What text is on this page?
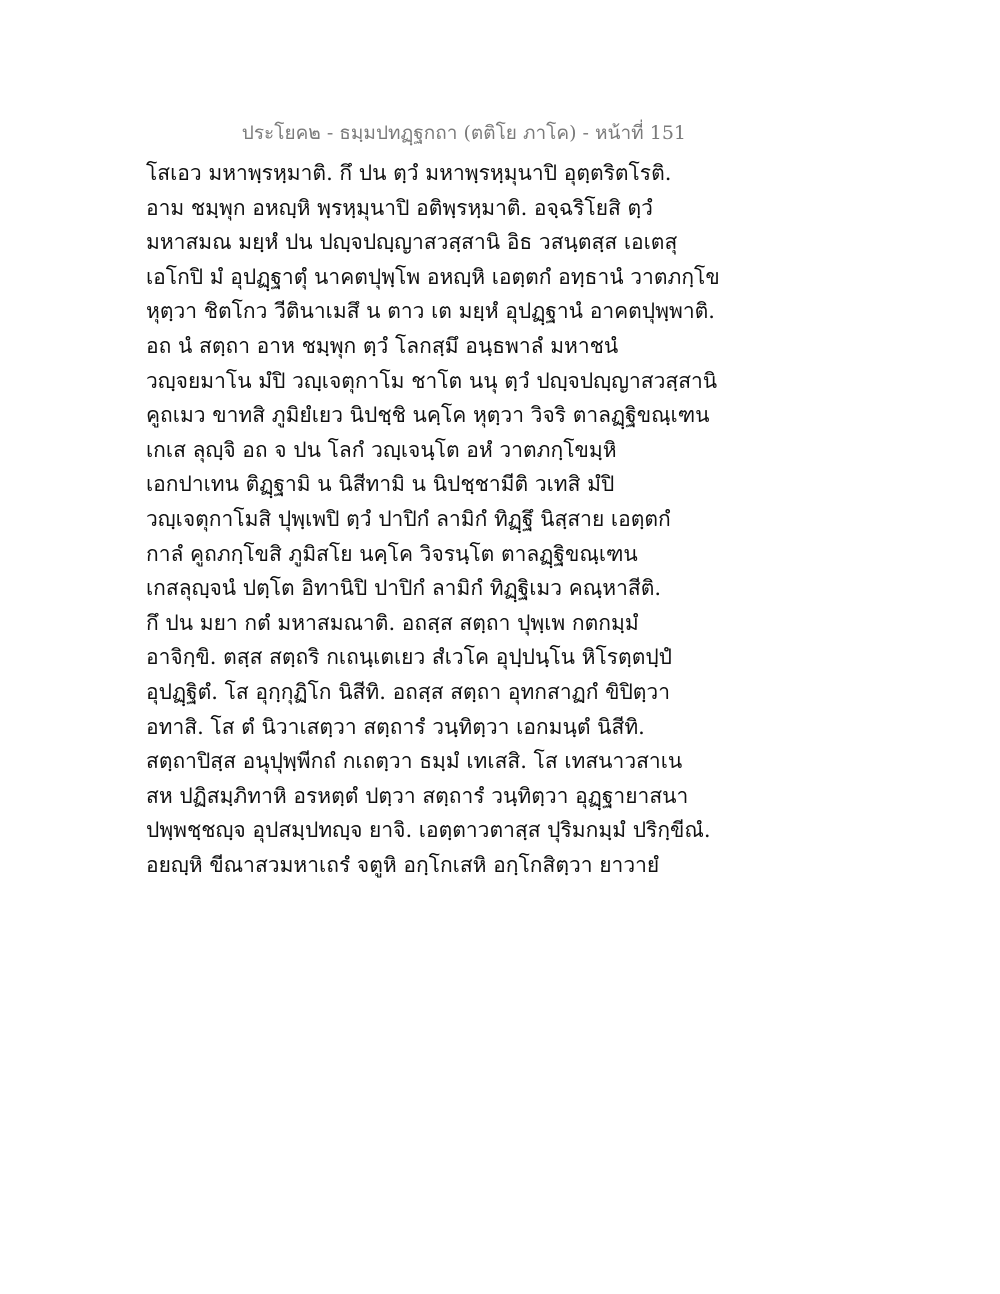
ประโยค๒ - ธมฺมปทฏฺฐกถา (ตติโย ภาโค) - หน้าที่ 151
โสเอว มหาพฺรหฺมาติ. กึ ปน ตฺวํ มหาพฺรหฺมุนาปิ อุตฺตริตโรติ.
อาม ชมฺพุก อหญฺหิ พฺรหฺมุนาปิ อติพฺรหฺมาติ. อจฺฉริโยสิ ตฺวํ
มหาสมณ มยฺหํ ปน ปญฺจปญฺญาสวสฺสานิ อิธ วสนฺตสฺส เอเตสุ
เอโกปิ มํ อุปฏฺฐาตุํ นาคตปุพฺโพ อหญฺหิ เอตฺตกํ อทฺธานํ วาตภกฺโข
หุตฺวา ชิตโกว วีตินาเมสึ น ตาว เต มยฺหํ อุปฏฺฐานํ อาคตปุพฺพาติ.
อถ นํ สตฺถา อาห ชมฺพุก ตฺวํ โลกสฺมึ อนฺธพาลํ มหาชนํ
วญฺจยมาโน มํปิ วญฺเจตุกาโม ชาโต นนุ ตฺวํ ปญฺจปญฺญาสวสฺสานิ
คูถเมว ขาทสิ ภูมิยํเยว นิปชฺชิ นคฺโค หุตฺวา วิจริ ตาลฏฺฐิขณฺเฑน
เกเส ลุญฺจิ อถ จ ปน โลกํ วญฺเจนฺโต อหํ วาตภกฺโขมฺหิ
เอกปาเทน ติฏฺฐามิ น นิสีทามิ น นิปชฺชามีติ วเทสิ มํปิ
วญฺเจตุกาโมสิ ปุพฺเพปิ ตฺวํ ปาปิกํ ลามิกํ ทิฏฺฐึ นิสฺสาย เอตฺตกํ
กาลํ คูถภกฺโขสิ ภูมิสโย นคฺโค วิจรนฺโต ตาลฏฺฐิขณฺเฑน
เกสลุญฺจนํ ปตฺโต อิทานิปิ ปาปิกํ ลามิกํ ทิฏฺฐิเมว คณฺหาสีติ.
กึ ปน มยา กตํ มหาสมณาติ. อถสฺส สตฺถา ปุพฺเพ กตกมฺมํ
อาจิกฺขิ. ตสฺส สตฺถริ กเถนฺเตเยว สํเวโค อุปฺปนฺโน หิโรตฺตปฺปํ
อุปฏฺฐิตํ. โส อุกฺกุฏิโก นิสีทิ. อถสฺส สตฺถา อุทกสาฏกํ ขิปิตฺวา
อทาสิ. โส ตํ นิวาเสตฺวา สตฺถารํ วนฺทิตฺวา เอกมนฺตํ นิสีทิ.
สตฺถาปิสฺส อนุปุพฺพีกถํ กเถตฺวา ธมฺมํ เทเสสิ. โส เทสนาวสาเน
สห ปฏิสมฺภิทาหิ อรหตฺตํ ปตฺวา สตฺถารํ วนฺทิตฺวา อุฏฺฐายาสนา
ปพฺพชฺชญฺจ อุปสมฺปทญฺจ ยาจิ. เอตฺตาวตาสฺส ปุริมกมฺมํ ปริกฺขีณํ.
อยญฺหิ ขีณาสวมหาเถรํ จตูหิ อกฺโกเสหิ อกฺโกสิตฺวา ยาวายํ
